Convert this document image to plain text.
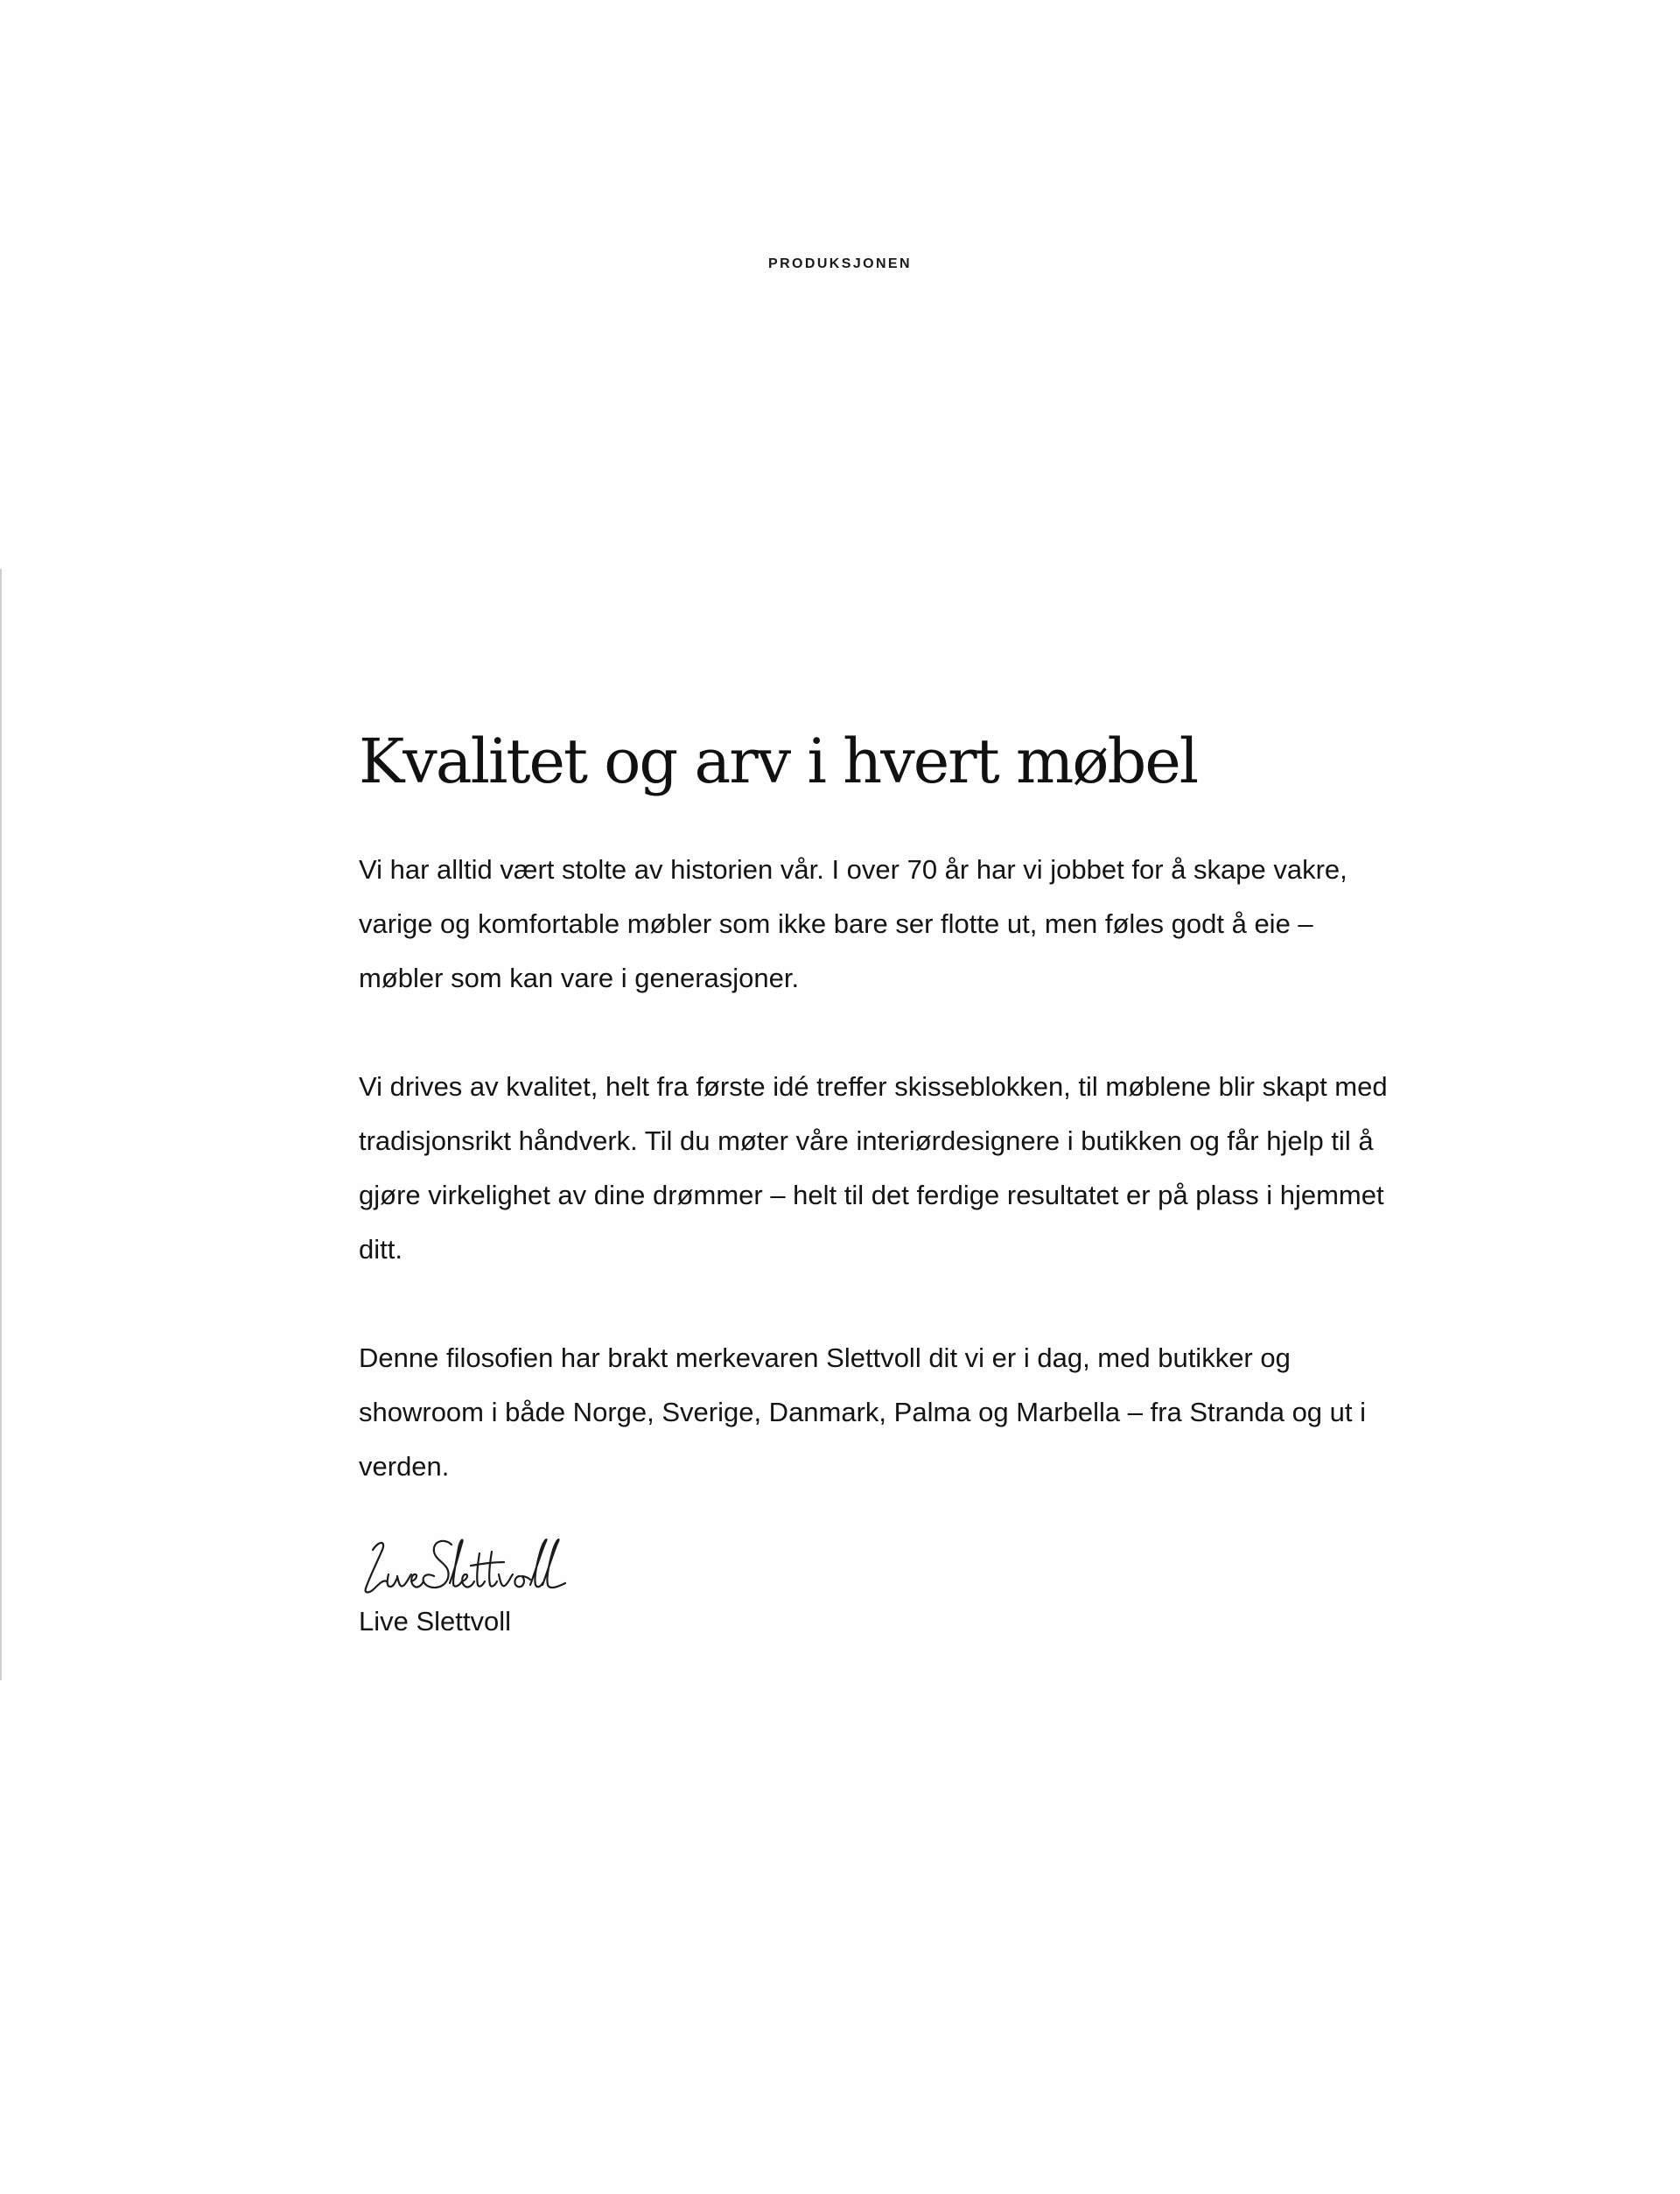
PRODUKSJONEN
Kvalitet og arv i hvert møbel

Vi har alltid vært stolte av historien vår. I over 70 år har vi jobbet for å skape vakre, varige og komfortable møbler som ikke bare ser flotte ut, men føles godt å eie – møbler som kan vare i generasjoner.

Vi drives av kvalitet, helt fra første idé treffer skisseblokken, til møblene blir skapt med tradisjonsrikt håndverk. Til du møter våre interiørdesignere i butikken og får hjelp til å gjøre virkelighet av dine drømmer – helt til det ferdige resultatet er på plass i hjemmet ditt.

Denne filosofien har brakt merkevaren Slettvoll dit vi er i dag, med butikker og showroom i både Norge, Sverige, Danmark, Palma og Marbella – fra Stranda og ut i verden.

Live Slettvoll
